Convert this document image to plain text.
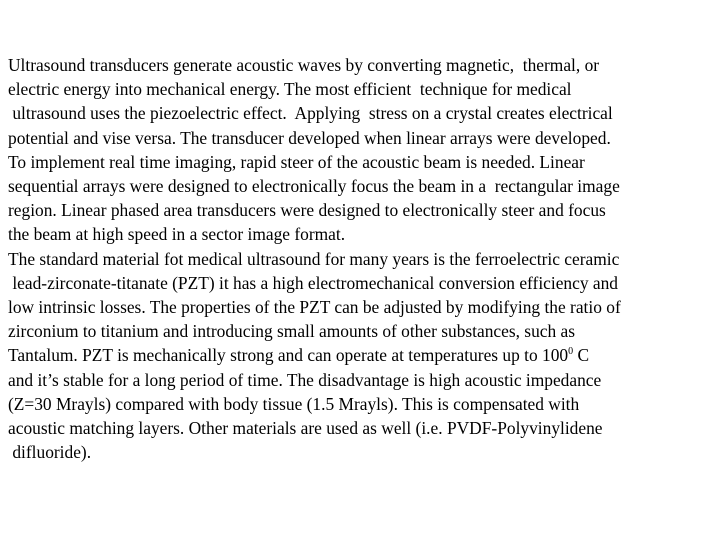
Ultrasound transducers generate acoustic waves by converting magnetic,  thermal, or
electric energy into mechanical energy. The most efficient  technique for medical
ultrasound uses the piezoelectric effect.  Applying  stress on a crystal creates electrical
potential and vise versa. The transducer developed when linear arrays were developed.
To implement real time imaging, rapid steer of the acoustic beam is needed. Linear
sequential arrays were designed to electronically focus the beam in a  rectangular image
region. Linear phased area transducers were designed to electronically steer and focus
the beam at high speed in a sector image format.
The standard material fot medical ultrasound for many years is the ferroelectric ceramic
lead-zirconate-titanate (PZT) it has a high electromechanical conversion efficiency and
low intrinsic losses. The properties of the PZT can be adjusted by modifying the ratio of
zirconium to titanium and introducing small amounts of other substances, such as
Tantalum. PZT is mechanically strong and can operate at temperatures up to $100^0$ C
and it’s stable for a long period of time. The disadvantage is high acoustic impedance
(Z=30 Mrayls) compared with body tissue (1.5 Mrayls). This is compensated with
acoustic matching layers. Other materials are used as well (i.e. PVDF-Polyvinylidene
difluoride).
